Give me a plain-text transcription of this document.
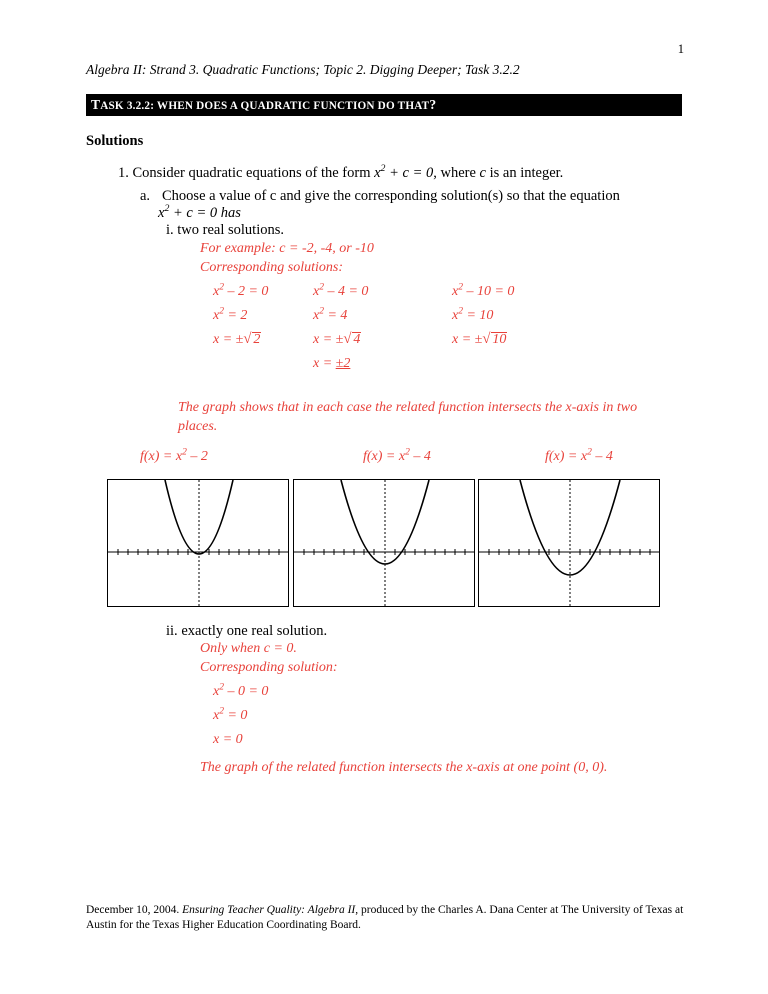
1
Algebra II: Strand 3. Quadratic Functions; Topic 2. Digging Deeper; Task 3.2.2
TASK 3.2.2: WHEN DOES A QUADRATIC FUNCTION DO THAT?
Solutions
1. Consider quadratic equations of the form $x^2 + c = 0$, where c is an integer.
a. Choose a value of c and give the corresponding solution(s) so that the equation
$x^2 + c = 0$ has
i. two real solutions.
For example: c = -2, -4, or -10
Corresponding solutions:
$x^2 - 2 = 0$
$x^2 = 2$
x = ± √ 2
$x^2 - 4 = 0$
$x^2 = 4$
x = ± √ 4
x = ±2
$x^2 - 10 = 0$
$x^2 = 10$
x = ± √ 10
The graph shows that in each case the related function intersects the x-axis in two places.
$f(x) = x^2 - 2$	$f(x) = x^2 - 4$	$f(x) = x^2 - 4$
ii. exactly one real solution.
Only when c = 0.
Corresponding solution:
$x^2 - 0 = 0$
$x^2 = 0$
x = 0
The graph of the related function intersects the x-axis at one point (0, 0).
December 10, 2004. Ensuring Teacher Quality: Algebra II, produced by the Charles A. Dana Center at The University of Texas at Austin for the Texas Higher Education Coordinating Board.
